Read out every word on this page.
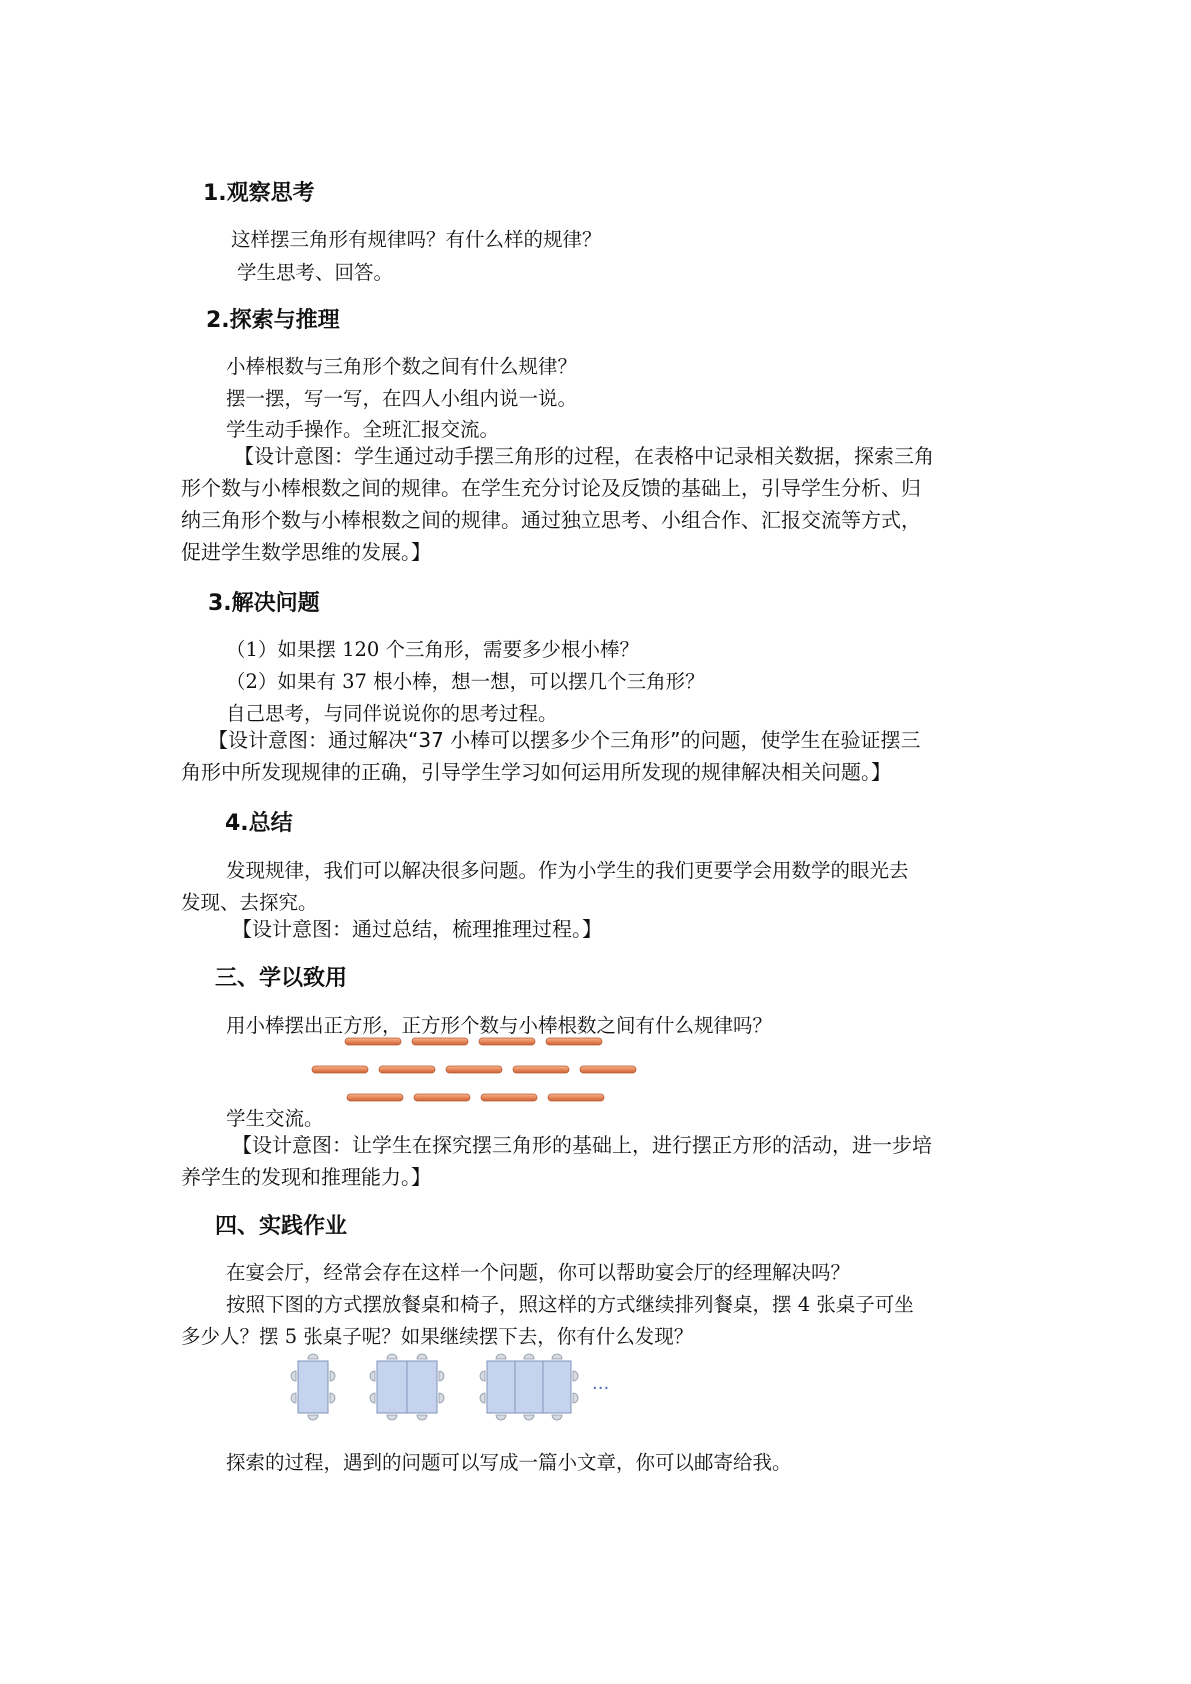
1.观察思考
这样摆三角形有规律吗？有什么样的规律？
学生思考、回答。
2.探索与推理
小棒根数与三角形个数之间有什么规律？
摆一摆，写一写，在四人小组内说一说。
学生动手操作。全班汇报交流。
【设计意图：学生通过动手摆三角形的过程，在表格中记录相关数据，探索三角
形个数与小棒根数之间的规律。在学生充分讨论及反馈的基础上，引导学生分析、归
纳三角形个数与小棒根数之间的规律。通过独立思考、小组合作、汇报交流等方式，
促进学生数学思维的发展。】
3.解决问题
（1）如果摆 120 个三角形，需要多少根小棒？
（2）如果有 37 根小棒，想一想，可以摆几个三角形？
自己思考，与同伴说说你的思考过程。
【设计意图：通过解决“37 小棒可以摆多少个三角形”的问题，使学生在验证摆三
角形中所发现规律的正确，引导学生学习如何运用所发现的规律解决相关问题。】
4.总结
发现规律，我们可以解决很多问题。作为小学生的我们更要学会用数学的眼光去
发现、去探究。
【设计意图：通过总结，梳理推理过程。】
三、学以致用
用小棒摆出正方形，正方形个数与小棒根数之间有什么规律吗？
学生交流。
【设计意图：让学生在探究摆三角形的基础上，进行摆正方形的活动，进一步培
养学生的发现和推理能力。】
四、实践作业
在宴会厅，经常会存在这样一个问题，你可以帮助宴会厅的经理解决吗？
按照下图的方式摆放餐桌和椅子，照这样的方式继续排列餐桌，摆 4 张桌子可坐
多少人？摆 5 张桌子呢？如果继续摆下去，你有什么发现？
···
探索的过程，遇到的问题可以写成一篇小文章，你可以邮寄给我。
